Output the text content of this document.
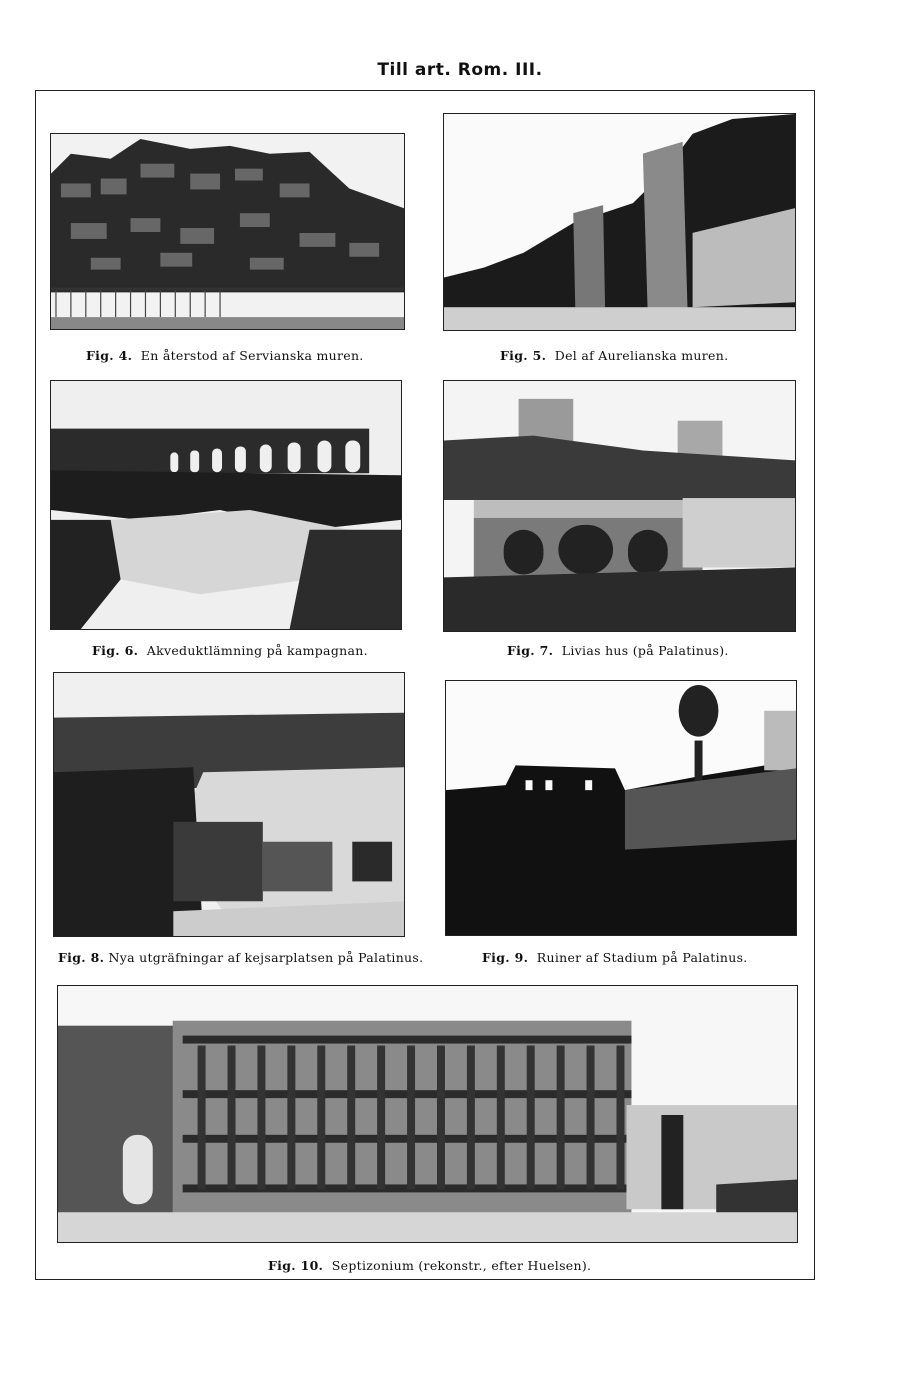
Till art. Rom. III.
Fig. 4. En återstod af Servianska muren.	Fig. 5. Del af Aurelianska muren.
Fig. 6. Akveduktlämning på kampagnan.	Fig. 7. Livias hus (på Palatinus).
Fig. 8. Nya utgräfningar af kejsarplatsen på Palatinus.	Fig. 9. Ruiner af Stadium på Palatinus.
Fig. 10. Septizonium (rekonstr., efter Huelsen).
